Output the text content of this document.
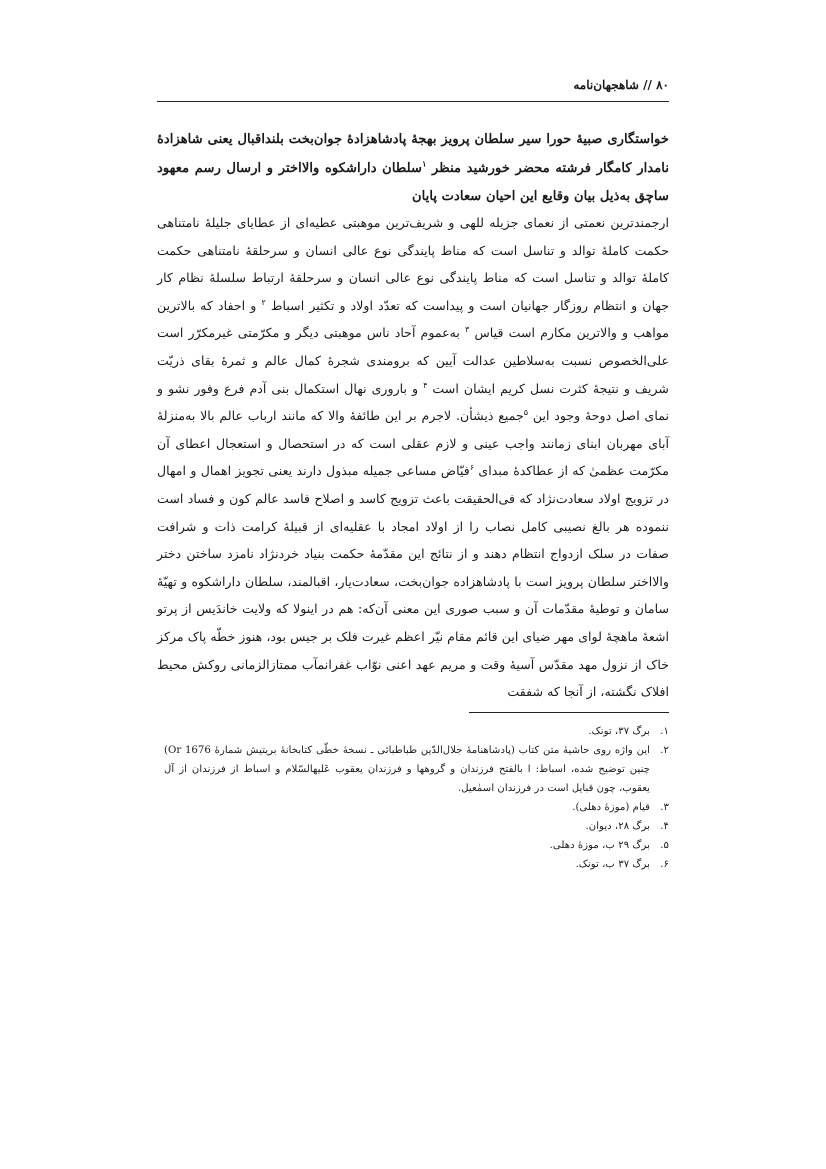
۸۰ // شاهجهان‌نامه
خواستگاری صبیهٔ حورا سیر سلطان پرویز بهجهٔ پادشاهزادهٔ جوان‌بخت بلنداقبال یعنی شاهزادهٔ نامدار کامگار فرشته محضر خورشید منظر $^۱$سلطان داراشکوه والااختر و ارسال رسم معهود ساچق به‌ذیل بیان وقایع این احیان سعادت پایان
ارجمندترین نعمتی از نعمای جزیله للهی و شریف‌ترین موهبتی عطیه‌ای از عطایای جلیلهٔ نامتناهی حکمت کاملهٔ توالد و تناسل است که مناط پایندگی نوع عالی انسان و سرحلقهٔ نامتناهی حکمت کاملهٔ توالد و تناسل است که مناط پایندگی نوع عالی انسان و سرحلقهٔ ارتباط سلسلهٔ نظام کار جهان و انتظام روزگار جهانیان است و پیداست که تعدّد اولاد و تکثیر اسباط $^۲$ و احفاد که بالاترین مواهب و والاترین مکارم است قیاس $^۳$ به‌عموم آحاد ناس موهبتی دیگر و مکرّمتی غیرمکرّر است علی‌الخصوص نسبت به‌سلاطین عدالت آیین که برومندی شجرهٔ کمال عالم و ثمرهٔ بقای ذریّت شریف و نتیجهٔ کثرت نسل کریم ایشان است $^۴$ و باروری نهال استکمال بنی آدم فرع وفور نشو و نمای اصل دوحهٔ وجود این $^۵$جمیع ذیشأن. لاجرم بر این طائفهٔ والا که مانند ارباب عالم بالا به‌منزلهٔ آبای مهربان ابنای زمانند واجب عینی و لازم عقلی است که در استحصال و استعجال اعطای آن مکرّمت عظمیٰ که از عطاکدهٔ مبدای $^۶$فیّاض مساعی جمیله مبذول دارند یعنی تجویز اهمال و امهال در تزویج اولاد سعادت‌نژاد که فی‌الحقیقت باعث تزویج کاسد و اصلاح فاسد عالم کون و فساد است ننموده هر بالغ نصیبی کامل نصاب را از اولاد امجاد با عقلیه‌ای از قبیلهٔ کرامت ذات و شرافت صفات در سلک ازدواج انتظام دهند و از نتائج این مقدّمهٔ حکمت بنیاد خردنژاد نامزد ساختن دختر والااختر سلطان پرویز است با پادشاهزاده جوان‌بخت، سعادت‌یار، اقبالمند، سلطان داراشکوه و تهیّهٔ سامان و توطیهٔ مقدّمات آن و سبب صوری این معنی آن‌که: هم در اینولا که ولایت خاندَیس از پرتو اشعهٔ ماهچهٔ لوای مهر ضیای این قائم مقام نیّر اعظم غیرت فلک بر جیس بود، هنوز خطّه پاک مرکز خاک از نزول مهد مقدّس آسیهٔ وقت و مریم عهد اعنی نوّاب غفرانمآب ممتازالزمانی روکش محیط افلاک نگشته، از آنجا که شفقت
۱.
برگ ۳۷، تونک.
۲.
این واژه روی حاشیهٔ متن کتاب (پادشاهنامهٔ جلال‌الدّین طباطبائی ـ نسخهٔ خطّی کتابخانهٔ بریتیش شمارهٔ Or 1676) چنین توضیح شده، اسباط: ا بالفتح فرزندان و گروهها و فرزندان یعقوب عَلیهالسّلام و اسباط از فرزندان از آل یعقوب، چون قبایل است در فرزندان اسمٰعیل.
۳.
قیام (موزهٔ دهلی).
۴.
برگ ۲۸، دیوان.
۵.
برگ ۲۹ ب، موزهٔ دهلی.
۶.
برگ ۳۷ ب، تونک.
